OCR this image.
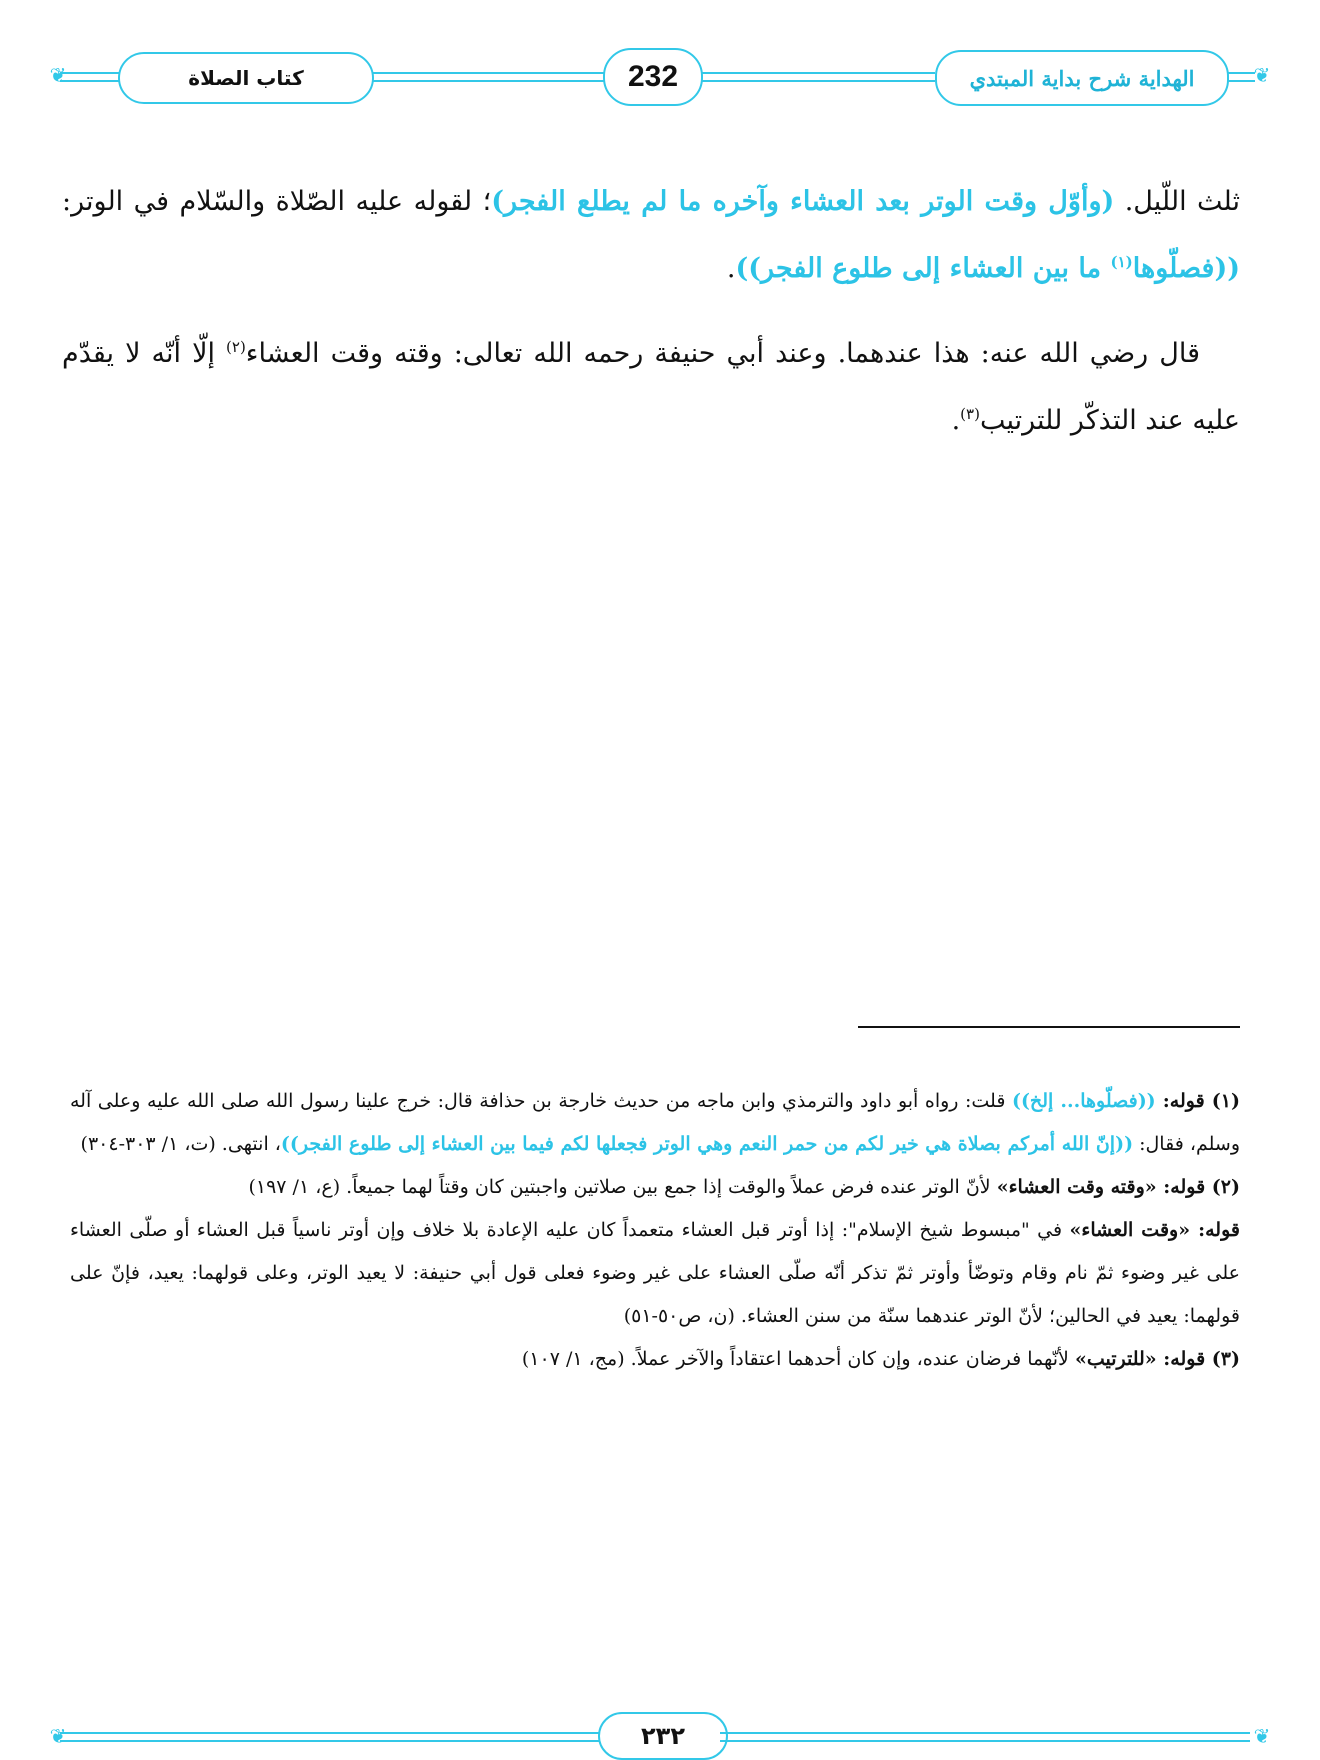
❦	❦
كتاب الصلاة	232	الهداية شرح بداية المبتدي

ثلث اللّيل. (وأوّل وقت الوتر بعد العشاء وآخره ما لم يطلع الفجر)؛ لقوله عليه الصّلاة والسّلام في الوتر: ((فصلّوها$^{(١)}$ ما بين العشاء إلى طلوع الفجر)).

قال رضي الله عنه: هذا عندهما. وعند أبي حنيفة رحمه الله تعالى: وقته وقت العشاء$^{(٢)}$ إلّا أنّه لا يقدّم عليه عند التذكّر للترتيب$^{(٣)}$.

(١) قوله: ((فصلّوها... إلخ)) قلت: رواه أبو داود والترمذي وابن ماجه من حديث خارجة بن حذافة قال: خرج علينا رسول الله صلى الله عليه وعلى آله وسلم، فقال: ((إنّ الله أمركم بصلاة هي خير لكم من حمر النعم وهي الوتر فجعلها لكم فيما بين العشاء إلى طلوع الفجر))، انتهى. (ت، ١/ ٣٠٣-٣٠٤)

(٢) قوله: «وقته وقت العشاء» لأنّ الوتر عنده فرض عملاً والوقت إذا جمع بين صلاتين واجبتين كان وقتاً لهما جميعاً. (ع، ١/ ١٩٧)

قوله: «وقت العشاء» في "مبسوط شيخ الإسلام": إذا أوتر قبل العشاء متعمداً كان عليه الإعادة بلا خلاف وإن أوتر ناسياً قبل العشاء أو صلّى العشاء على غير وضوء ثمّ نام وقام وتوضّأ وأوتر ثمّ تذكر أنّه صلّى العشاء على غير وضوء فعلى قول أبي حنيفة: لا يعيد الوتر، وعلى قولهما: يعيد، فإنّ على قولهما: يعيد في الحالين؛ لأنّ الوتر عندهما سنّة من سنن العشاء. (ن، ص٥٠-٥١)

(٣) قوله: «للترتيب» لأنّهما فرضان عنده، وإن كان أحدهما اعتقاداً والآخر عملاً. (مج، ١/ ١٠٧)

❦	٢٣٢	❦
